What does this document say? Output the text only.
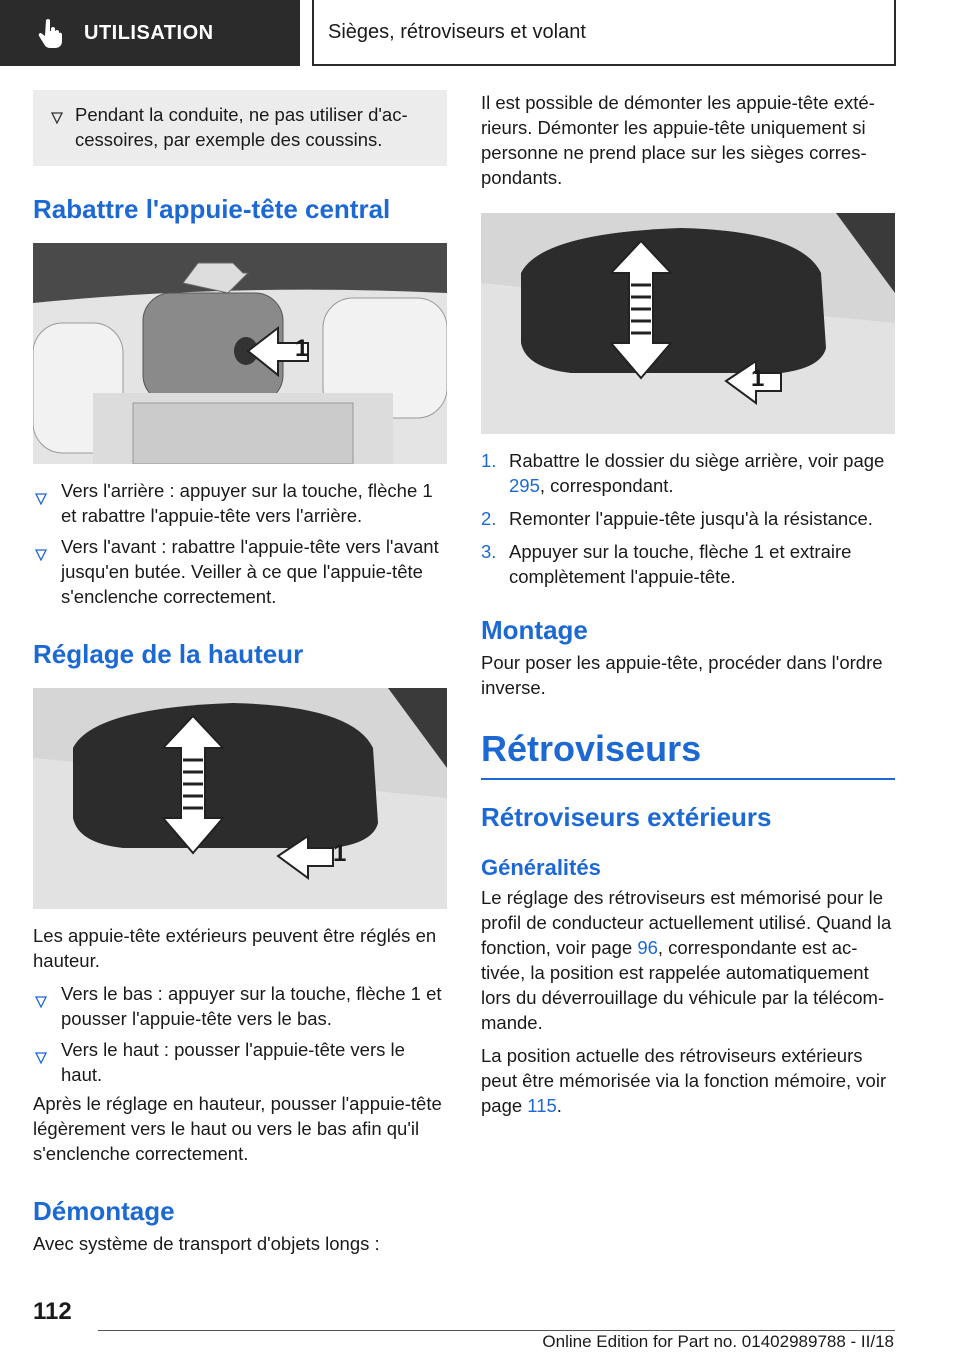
UTILISATION	Sièges, rétroviseurs et volant
Pendant la conduite, ne pas utiliser d'accessoires, par exemple des coussins.
Rabattre l'appuie-tête central
1
Vers l'arrière : appuyer sur la touche, flèche 1 et rabattre l'appuie-tête vers l'arrière.
Vers l'avant : rabattre l'appuie-tête vers l'avant jusqu'en butée. Veiller à ce que l'appuie-tête s'enclenche correctement.
Réglage de la hauteur
1
Les appuie-tête extérieurs peuvent être réglés en hauteur.
Vers le bas : appuyer sur la touche, flèche 1 et pousser l'appuie-tête vers le bas.
Vers le haut : pousser l'appuie-tête vers le haut.
Après le réglage en hauteur, pousser l'appuie-tête légèrement vers le haut ou vers le bas afin qu'il s'enclenche correctement.
Démontage
Avec système de transport d'objets longs :
Il est possible de démonter les appuie-tête extérieurs. Démonter les appuie-tête uniquement si personne ne prend place sur les sièges correspondants.
1
1. Rabattre le dossier du siège arrière, voir page 295, correspondant.
2. Remonter l'appuie-tête jusqu'à la résistance.
3. Appuyer sur la touche, flèche 1 et extraire complètement l'appuie-tête.
Montage
Pour poser les appuie-tête, procéder dans l'ordre inverse.
Rétroviseurs
Rétroviseurs extérieurs
Généralités
Le réglage des rétroviseurs est mémorisé pour le profil de conducteur actuellement utilisé. Quand la fonction, voir page 96, correspondante est activée, la position est rappelée automatiquement lors du déverrouillage du véhicule par la télécommande.
La position actuelle des rétroviseurs extérieurs peut être mémorisée via la fonction mémoire, voir page 115.
112
Online Edition for Part no. 01402989788 - II/18
